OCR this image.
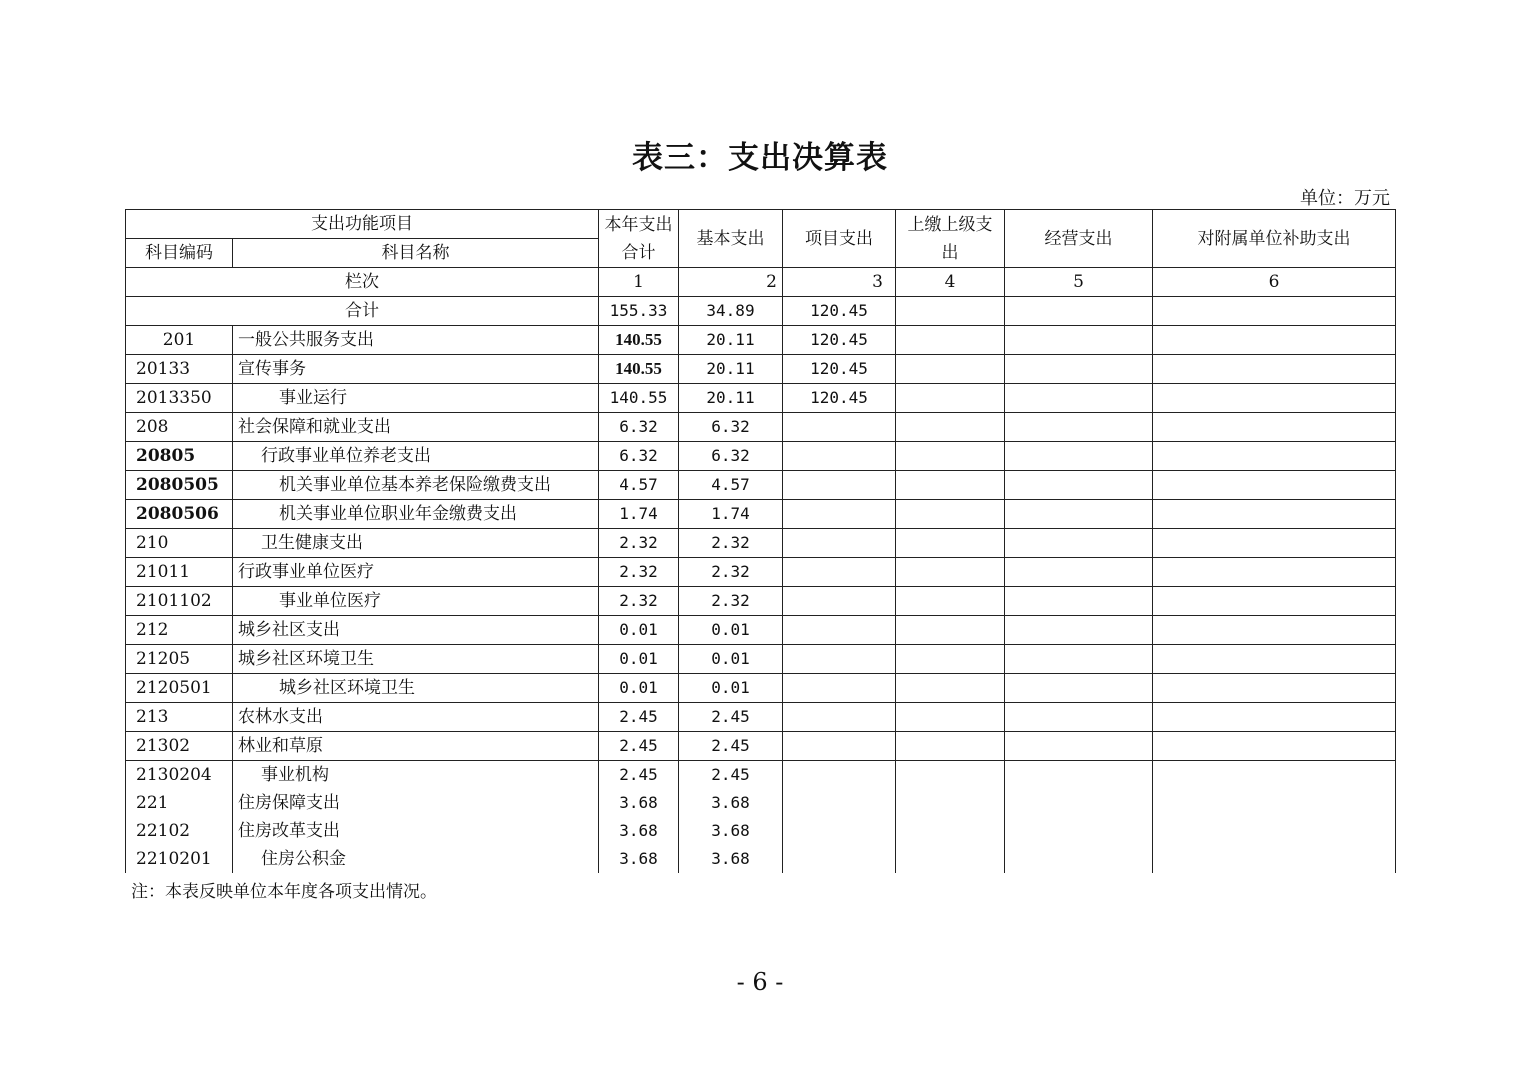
表三：支出决算表
单位：万元
支出功能项目		本年支出合计	基本支出	项目支出	上缴上级支出	经营支出	对附属单位补助支出
科目编码	科目名称						
栏次		1	2	3	4	5	6
合计		155.33	34.89	120.45			
201	一般公共服务支出	140.55	20.11	120.45			
20133	宣传事务	140.55	20.11	120.45			
2013350	事业运行	140.55	20.11	120.45			
208	社会保障和就业支出	6.32	6.32				
20805	行政事业单位养老支出	6.32	6.32				
2080505	机关事业单位基本养老保险缴费支出	4.57	4.57				
2080506	机关事业单位职业年金缴费支出	1.74	1.74				
210	卫生健康支出	2.32	2.32				
21011	行政事业单位医疗	2.32	2.32				
2101102	事业单位医疗	2.32	2.32				
212	城乡社区支出	0.01	0.01				
21205	城乡社区环境卫生	0.01	0.01				
2120501	城乡社区环境卫生	0.01	0.01				
213	农林水支出	2.45	2.45				
21302	林业和草原	2.45	2.45				
2130204	事业机构	2.45	2.45				
221	住房保障支出	3.68	3.68				
22102	住房改革支出	3.68	3.68				
2210201	住房公积金	3.68	3.68				
注：本表反映单位本年度各项支出情况。
- 6 -
